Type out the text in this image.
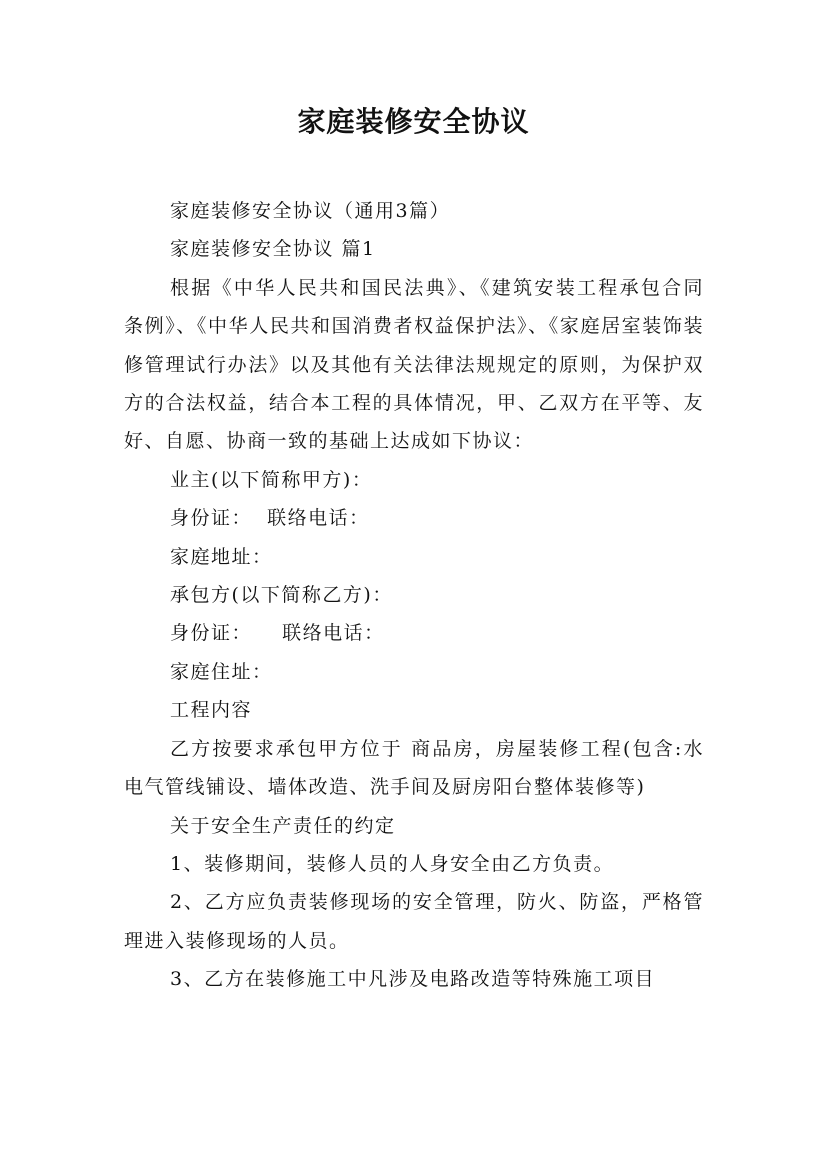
家庭装修安全协议

家庭装修安全协议（通用3篇）

家庭装修安全协议 篇1

根据《中华人民共和国民法典》、《建筑安装工程承包合同条例》、《中华人民共和国消费者权益保护法》、《家庭居室装饰装修管理试行办法》以及其他有关法律法规规定的原则，为保护双方的合法权益，结合本工程的具体情况，甲、乙双方在平等、友好、自愿、协商一致的基础上达成如下协议：

业主(以下简称甲方)：

身份证：  联络电话：

家庭地址：

承包方(以下简称乙方)：

身份证：    联络电话：

家庭住址：

工程内容

乙方按要求承包甲方位于 商品房，房屋装修工程(包含:水电气管线铺设、墙体改造、洗手间及厨房阳台整体装修等)

关于安全生产责任的约定

1、装修期间，装修人员的人身安全由乙方负责。

2、乙方应负责装修现场的安全管理，防火、防盗，严格管理进入装修现场的人员。

3、乙方在装修施工中凡涉及电路改造等特殊施工项目
